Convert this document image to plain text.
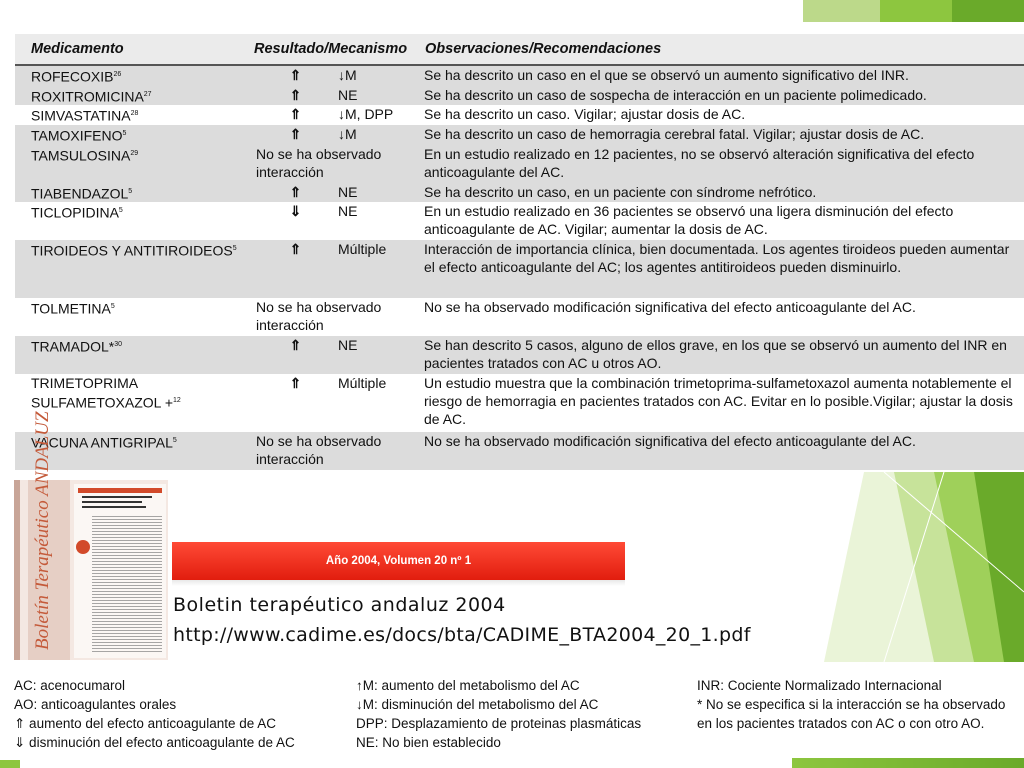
Medicamento	Resultado/Mecanismo	Observaciones/Recomendaciones
ROFECOXIB$^{26}$	⇑ ↓M	Se ha descrito un caso en el que se observó un aumento significativo del INR.
ROXITROMICINA$^{27}$	⇑ NE	Se ha descrito un caso de sospecha de interacción en un paciente polimedicado.
SIMVASTATINA$^{28}$	⇑ ↓M, DPP	Se ha descrito un caso. Vigilar; ajustar dosis de AC.
TAMOXIFENO$^5$	⇑ ↓M	Se ha descrito un caso de hemorragia cerebral fatal. Vigilar; ajustar dosis de AC.
TAMSULOSINA$^{29}$	No se ha observado interacción	En un estudio realizado en 12 pacientes, no se observó alteración significativa del efecto anticoagulante del AC.
TIABENDAZOL$^5$	⇑ NE	Se ha descrito un caso, en un paciente con síndrome nefrótico.
TICLOPIDINA$^5$	⇓ NE	En un estudio realizado en 36 pacientes se observó una ligera disminución del efecto anticoagulante de AC. Vigilar; aumentar la dosis de AC.
TIROIDEOS Y ANTITIROIDEOS$^5$	⇑ Múltiple	Interacción de importancia clínica, bien documentada. Los agentes tiroideos pueden aumentar el efecto anticoagulante del AC; los agentes antitiroideos pueden disminuirlo.
TOLMETINA$^5$	No se ha observado interacción	No se ha observado modificación significativa del efecto anticoagulante del AC.
TRAMADOL*$^{30}$	⇑ NE	Se han descrito 5 casos, alguno de ellos grave, en los que se observó un aumento del INR en pacientes tratados con AC u otros AO.
TRIMETOPRIMA SULFAMETOXAZOL +$^{12}$	⇑ Múltiple	Un estudio muestra que la combinación trimetoprima-sulfametoxazol aumenta notablemente el riesgo de hemorragia en pacientes tratados con AC. Evitar en lo posible.Vigilar; ajustar la dosis de AC.
VACUNA ANTIGRIPAL$^5$	No se ha observado interacción	No se ha observado modificación significativa del efecto anticoagulante del AC.
Boletín Terapéutico ANDALUZ	Año 2004, Volumen 20 nº 1
Boletin terapéutico andaluz 2004
http://www.cadime.es/docs/bta/CADIME_BTA2004_20_1.pdf
AC: acenocumarol
AO: anticoagulantes orales
⇑ aumento del efecto anticoagulante de AC
⇓ disminución del efecto anticoagulante de AC
↑M: aumento del metabolismo del AC
↓M: disminución del metabolismo del AC
DPP: Desplazamiento de proteinas plasmáticas
NE: No bien establecido
INR: Cociente Normalizado Internacional
* No se especifica si la interacción se ha observado
en los pacientes tratados con AC o con otro AO.
